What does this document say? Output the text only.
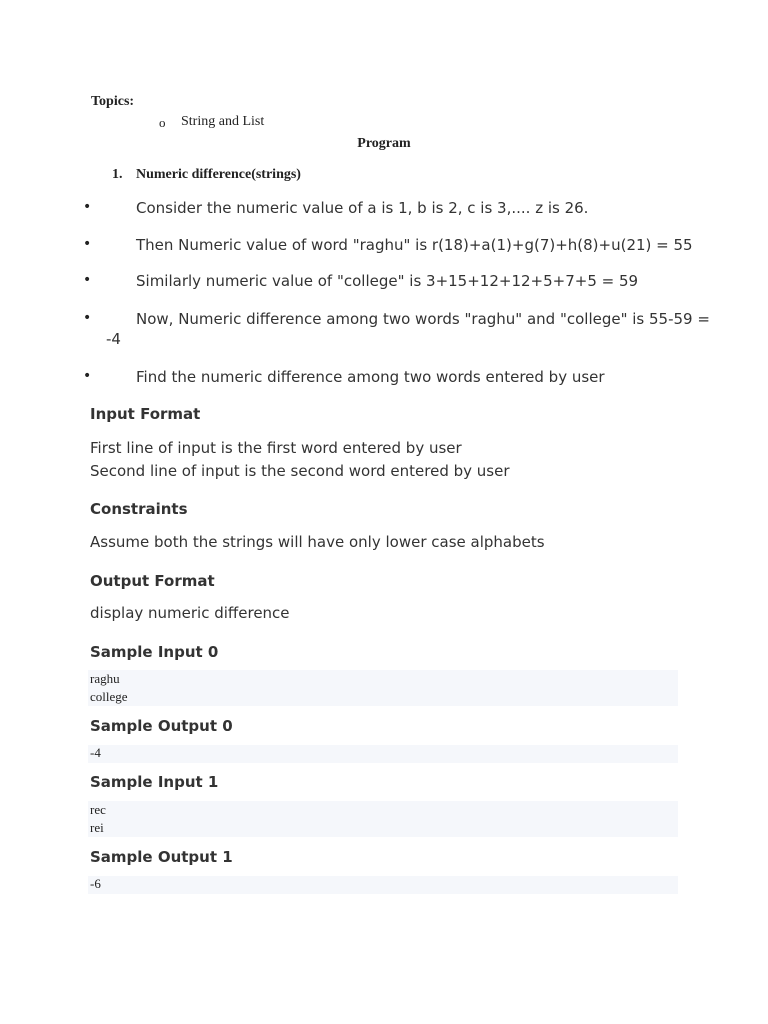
Topics:
o String and List
Program
1. Numeric difference(strings)
•	Consider the numeric value of a is 1, b is 2, c is 3,.... z is 26.
•	Then Numeric value of word "raghu" is r(18)+a(1)+g(7)+h(8)+u(21) = 55
•	Similarly numeric value of "college" is 3+15+12+12+5+7+5 = 59
•	Now, Numeric difference among two words "raghu" and "college" is 55-59 =
-4
•	Find the numeric difference among two words entered by user
Input Format
First line of input is the first word entered by user
Second line of input is the second word entered by user
Constraints
Assume both the strings will have only lower case alphabets
Output Format
display numeric difference
Sample Input 0
raghu
college
Sample Output 0
-4
Sample Input 1
rec
rei
Sample Output 1
-6
